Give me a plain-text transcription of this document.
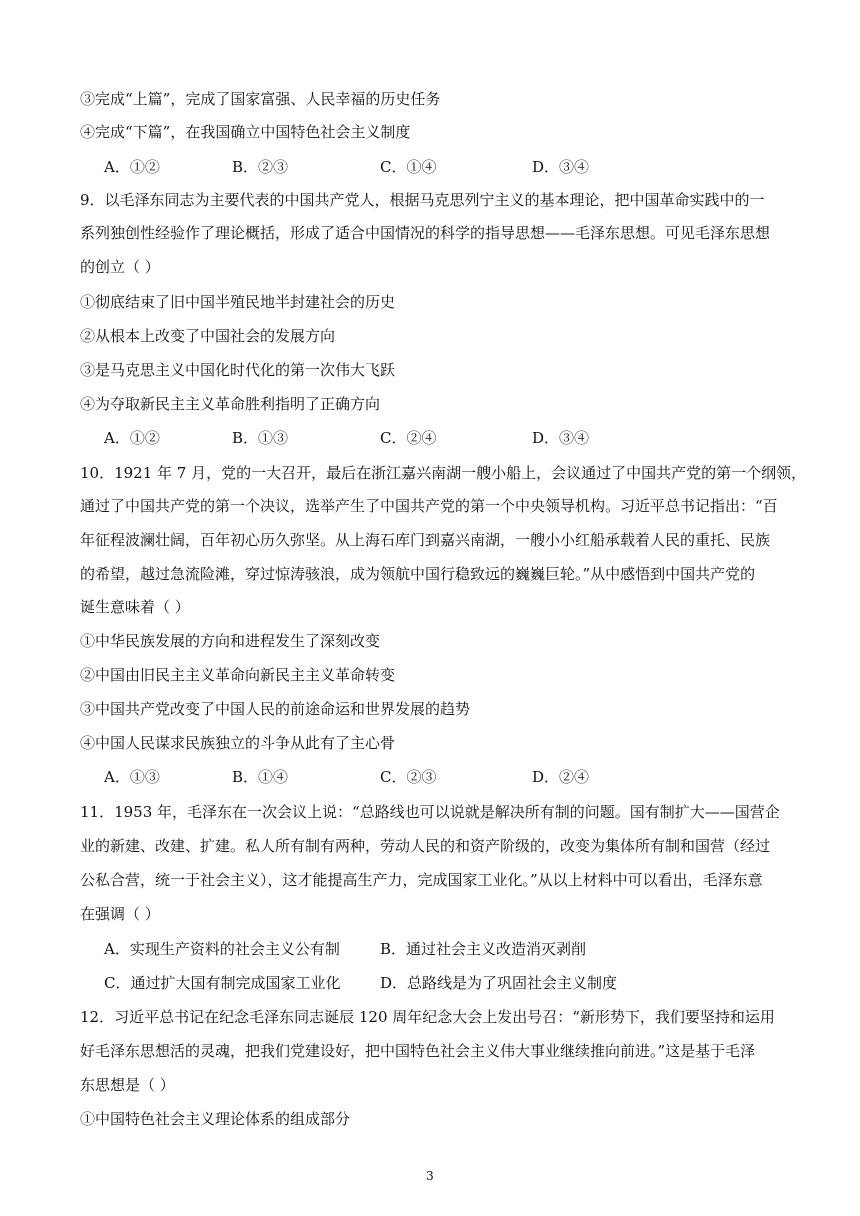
③完成“上篇”，完成了国家富强、人民幸福的历史任务
④完成“下篇”，在我国确立中国特色社会主义制度
A．①②	B．②③	C．①④	D．③④
9．以毛泽东同志为主要代表的中国共产党人，根据马克思列宁主义的基本理论，把中国革命实践中的一
系列独创性经验作了理论概括，形成了适合中国情况的科学的指导思想——毛泽东思想。可见毛泽东思想
的创立（ ）
①彻底结束了旧中国半殖民地半封建社会的历史
②从根本上改变了中国社会的发展方向
③是马克思主义中国化时代化的第一次伟大飞跃
④为夺取新民主主义革命胜利指明了正确方向
A．①②	B．①③	C．②④	D．③④
10．1921 年 7 月，党的一大召开，最后在浙江嘉兴南湖一艘小船上，会议通过了中国共产党的第一个纲领，
通过了中国共产党的第一个决议，选举产生了中国共产党的第一个中央领导机构。习近平总书记指出：“百
年征程波澜壮阔，百年初心历久弥坚。从上海石库门到嘉兴南湖，一艘小小红船承载着人民的重托、民族
的希望，越过急流险滩，穿过惊涛骇浪，成为领航中国行稳致远的巍巍巨轮。”从中感悟到中国共产党的
诞生意味着（ ）
①中华民族发展的方向和进程发生了深刻改变
②中国由旧民主主义革命向新民主主义革命转变
③中国共产党改变了中国人民的前途命运和世界发展的趋势
④中国人民谋求民族独立的斗争从此有了主心骨
A．①③	B．①④	C．②③	D．②④
11．1953 年，毛泽东在一次会议上说：“总路线也可以说就是解决所有制的问题。国有制扩大——国营企
业的新建、改建、扩建。私人所有制有两种，劳动人民的和资产阶级的，改变为集体所有制和国营（经过
公私合营，统一于社会主义），这才能提高生产力，完成国家工业化。”从以上材料中可以看出，毛泽东意
在强调（ ）
A．实现生产资料的社会主义公有制	B．通过社会主义改造消灭剥削
C．通过扩大国有制完成国家工业化	D．总路线是为了巩固社会主义制度
12．习近平总书记在纪念毛泽东同志诞辰 120 周年纪念大会上发出号召：“新形势下，我们要坚持和运用
好毛泽东思想活的灵魂，把我们党建设好，把中国特色社会主义伟大事业继续推向前进。”这是基于毛泽
东思想是（ ）
①中国特色社会主义理论体系的组成部分
3
